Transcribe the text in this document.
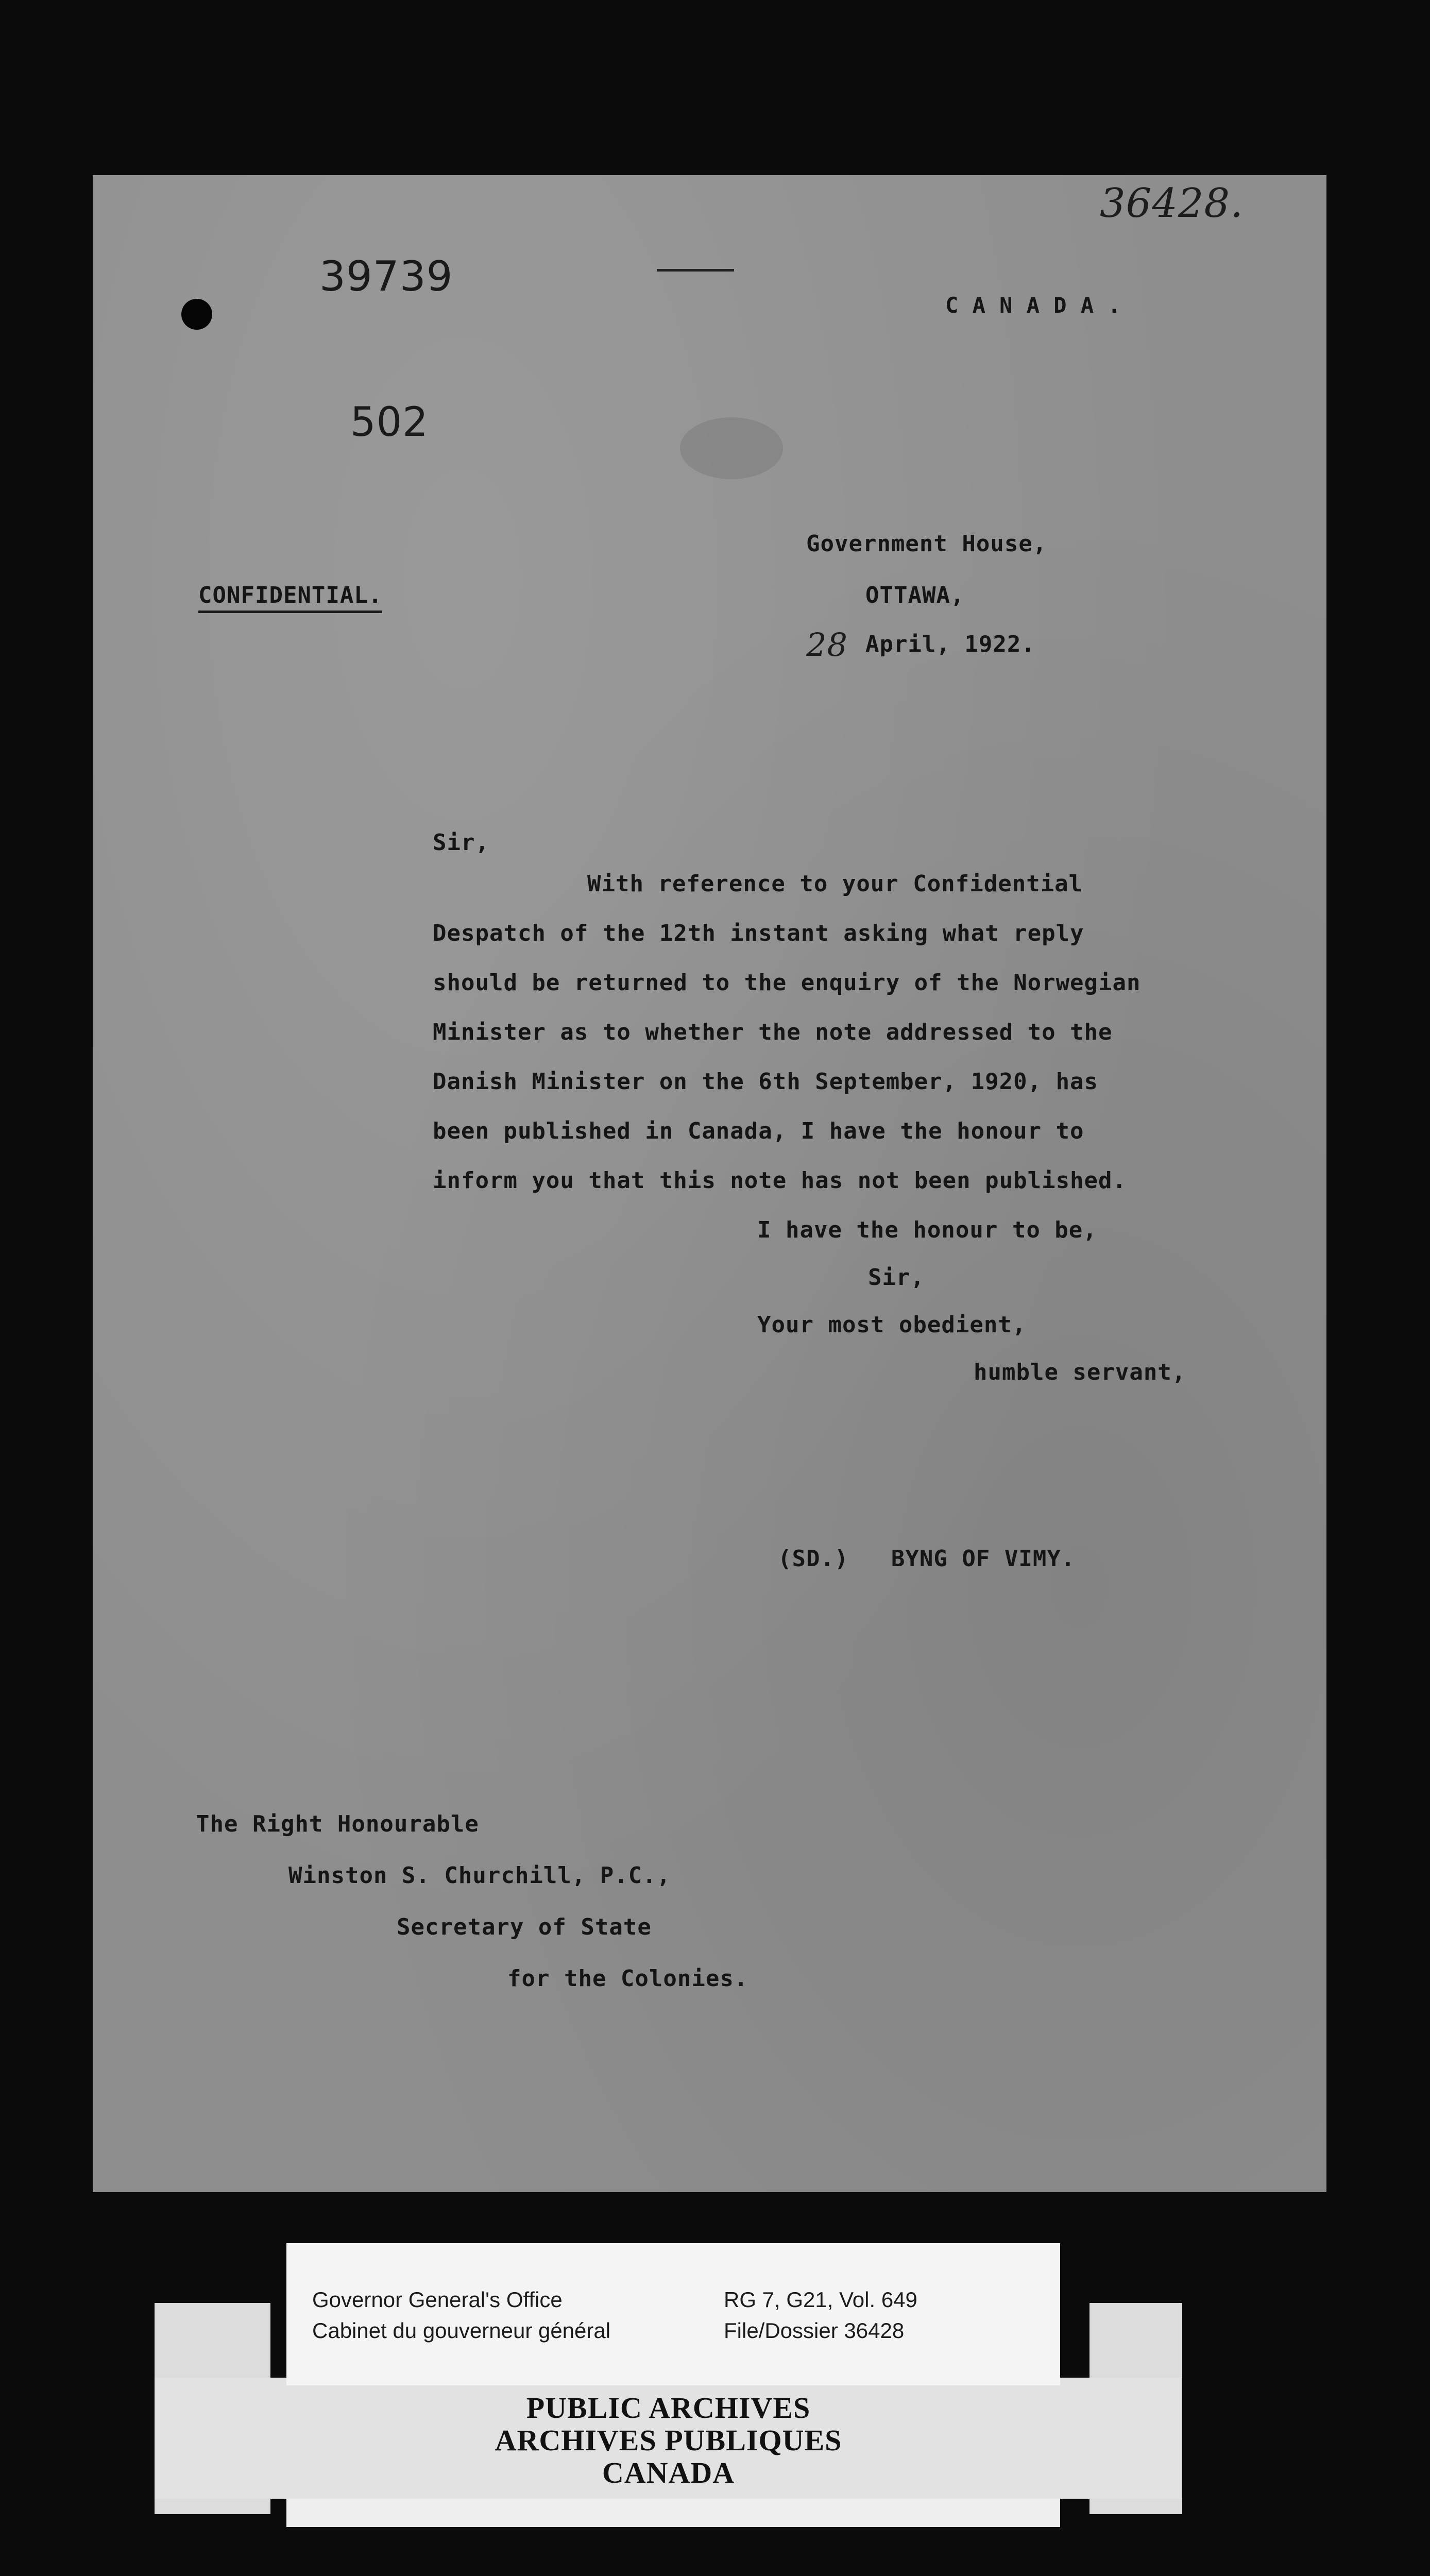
36428.
39739
502
C A N A D A .
CONFIDENTIAL.
Government House,
OTTAWA,
28 April, 1922.
Sir,
With reference to your Confidential
Despatch of the 12th instant asking what reply
should be returned to the enquiry of the Norwegian
Minister as to whether the note addressed to the
Danish Minister on the 6th September, 1920, has
been published in Canada, I have the honour to
inform you that this note has not been published.
I have the honour to be,
Sir,
Your most obedient,
humble servant,
(SD.)   BYNG OF VIMY.
The Right Honourable
Winston S. Churchill, P.C.,
Secretary of State
for the Colonies.
Governor General's Office
Cabinet du gouverneur général
RG 7, G21, Vol. 649
File/Dossier 36428
PUBLIC ARCHIVES
ARCHIVES PUBLIQUES
CANADA
